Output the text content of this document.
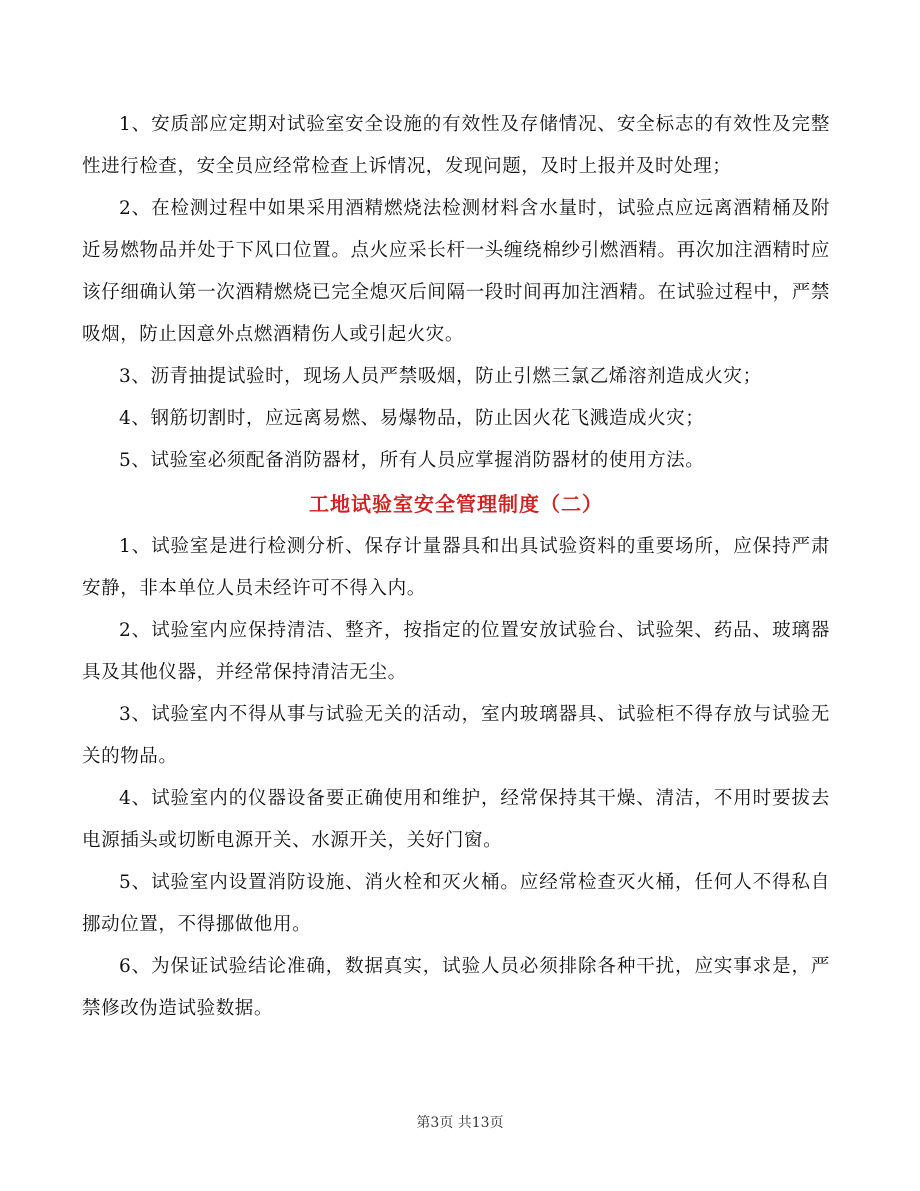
1、安质部应定期对试验室安全设施的有效性及存储情况、安全标志的有效性及完整性进行检查，安全员应经常检查上诉情况，发现问题，及时上报并及时处理；

2、在检测过程中如果采用酒精燃烧法检测材料含水量时，试验点应远离酒精桶及附近易燃物品并处于下风口位置。点火应采长杆一头缠绕棉纱引燃酒精。再次加注酒精时应该仔细确认第一次酒精燃烧已完全熄灭后间隔一段时间再加注酒精。在试验过程中，严禁吸烟，防止因意外点燃酒精伤人或引起火灾。

3、沥青抽提试验时，现场人员严禁吸烟，防止引燃三氯乙烯溶剂造成火灾；

4、钢筋切割时，应远离易燃、易爆物品，防止因火花飞溅造成火灾；

5、试验室必须配备消防器材，所有人员应掌握消防器材的使用方法。

工地试验室安全管理制度（二）

1、试验室是进行检测分析、保存计量器具和出具试验资料的重要场所，应保持严肃安静，非本单位人员未经许可不得入内。

2、试验室内应保持清洁、整齐，按指定的位置安放试验台、试验架、药品、玻璃器具及其他仪器，并经常保持清洁无尘。

3、试验室内不得从事与试验无关的活动，室内玻璃器具、试验柜不得存放与试验无关的物品。

4、试验室内的仪器设备要正确使用和维护，经常保持其干燥、清洁，不用时要拔去电源插头或切断电源开关、水源开关，关好门窗。

5、试验室内设置消防设施、消火栓和灭火桶。应经常检查灭火桶，任何人不得私自挪动位置，不得挪做他用。

6、为保证试验结论准确，数据真实，试验人员必须排除各种干扰，应实事求是，严禁修改伪造试验数据。

第3页 共13页
